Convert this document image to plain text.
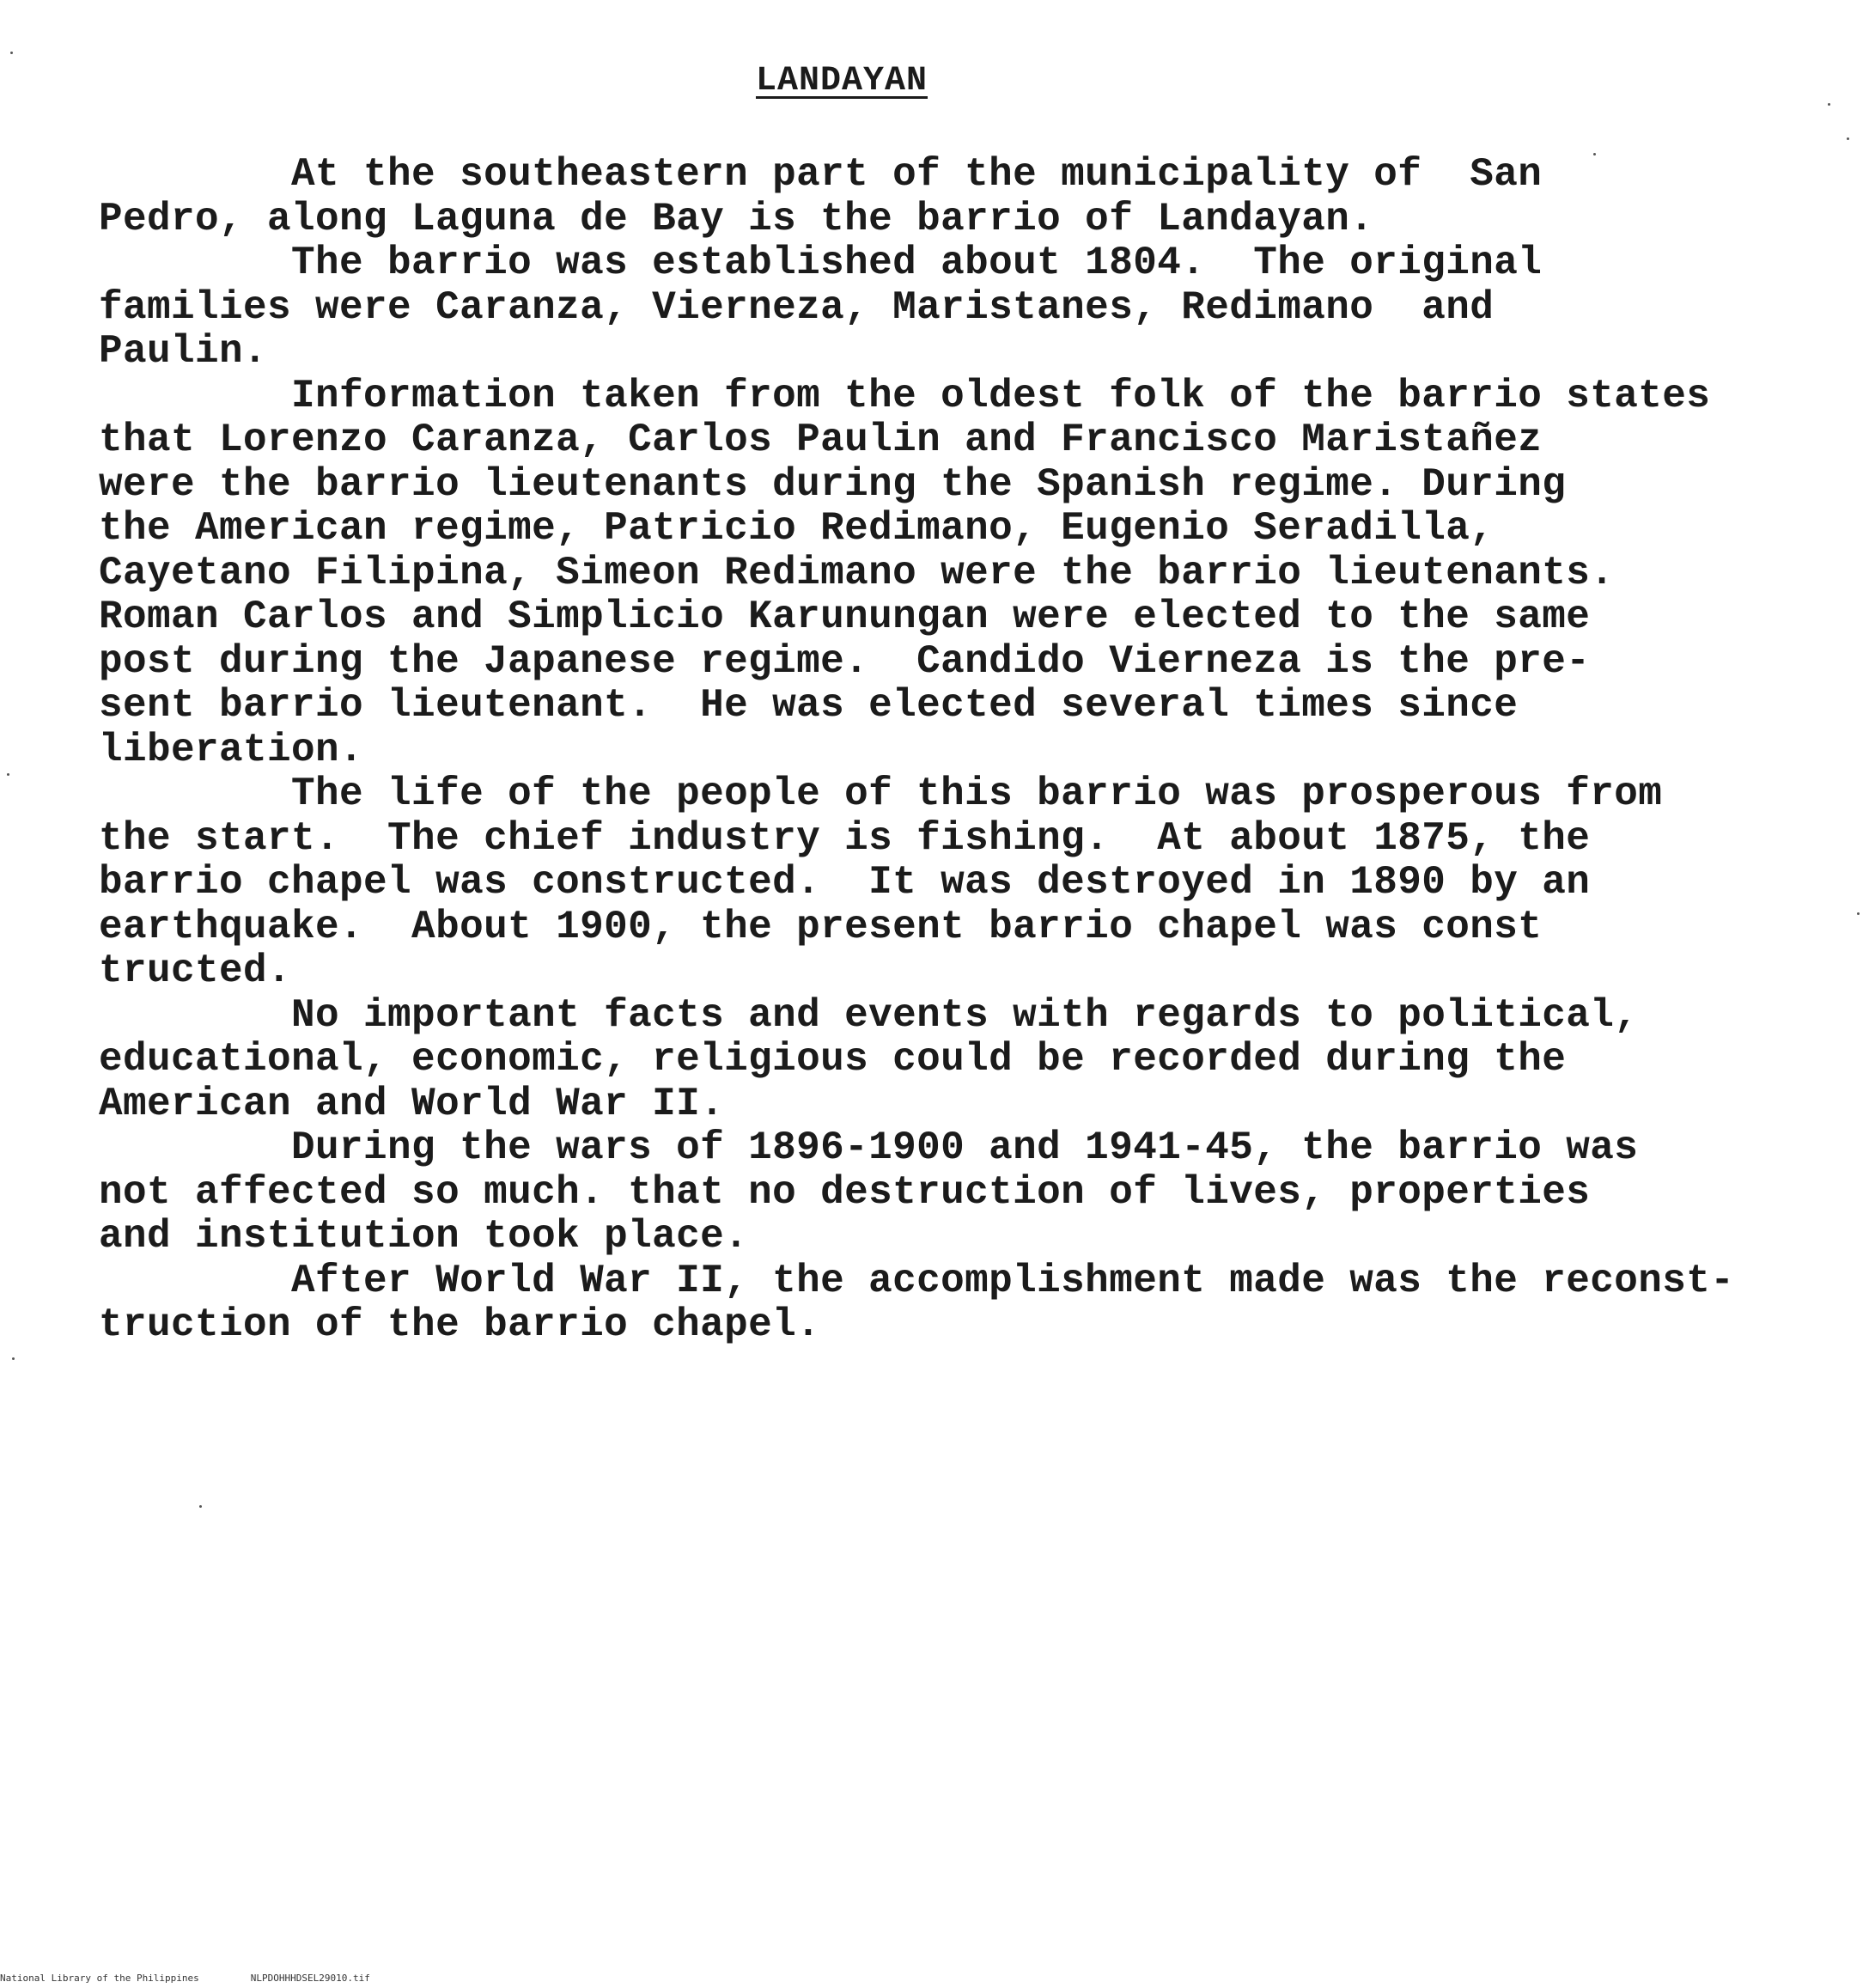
LANDAYAN
At the southeastern part of the municipality of  San
Pedro, along Laguna de Bay is the barrio of Landayan.
The barrio was established about 1804.  The original
families were Caranza, Vierneza, Maristanes, Redimano  and
Paulin.
Information taken from the oldest folk of the barrio states
that Lorenzo Caranza, Carlos Paulin and Francisco Maristañez
were the barrio lieutenants during the Spanish regime. During
the American regime, Patricio Redimano, Eugenio Seradilla,
Cayetano Filipina, Simeon Redimano were the barrio lieutenants.
Roman Carlos and Simplicio Karunungan were elected to the same
post during the Japanese regime.  Candido Vierneza is the pre-
sent barrio lieutenant.  He was elected several times since
liberation.
The life of the people of this barrio was prosperous from
the start.  The chief industry is fishing.  At about 1875, the
barrio chapel was constructed.  It was destroyed in 1890 by an
earthquake.  About 1900, the present barrio chapel was const
tructed.
No important facts and events with regards to political,
educational, economic, religious could be recorded during the
American and World War II.
During the wars of 1896-1900 and 1941-45, the barrio was
not affected so much. that no destruction of lives, properties
and institution took place.
After World War II, the accomplishment made was the reconst-
truction of the barrio chapel.
National Library of the Philippines	NLPDOHHHDSEL29010.tif
